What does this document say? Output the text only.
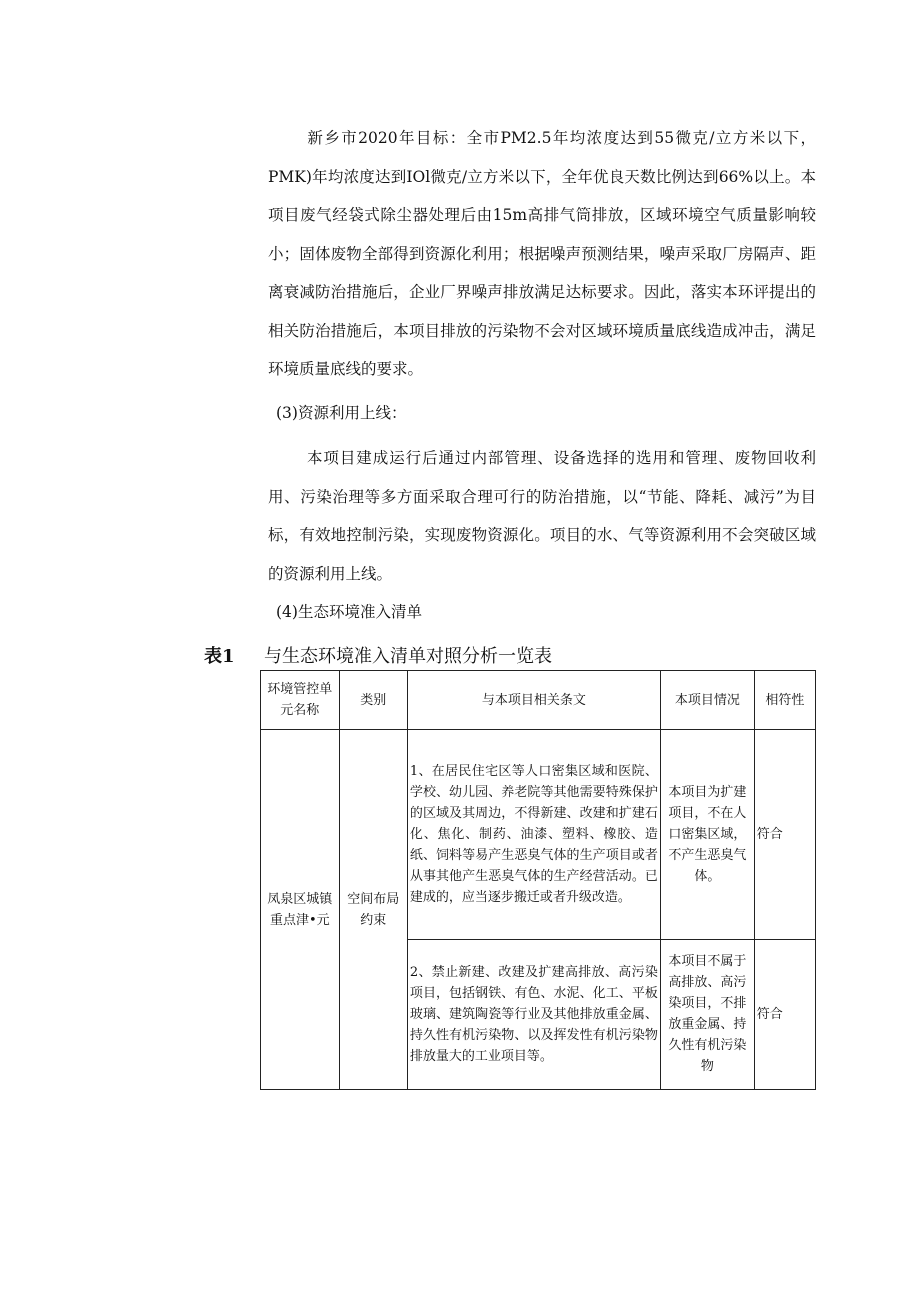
新乡市2020年目标：全市PM2.5年均浓度达到55微克/立方米以下，PMK)年均浓度达到IOl微克/立方米以下，全年优良天数比例达到66%以上。本项目废气经袋式除尘器处理后由15m高排气筒排放，区域环境空气质量影响较小；固体废物全部得到资源化利用；根据噪声预测结果，噪声采取厂房隔声、距离衰减防治措施后，企业厂界噪声排放满足达标要求。因此，落实本环评提出的相关防治措施后，本项目排放的污染物不会对区域环境质量底线造成冲击，满足环境质量底线的要求。
(3)资源利用上线：
本项目建成运行后通过内部管理、设备选择的选用和管理、废物回收利用、污染治理等多方面采取合理可行的防治措施，以“节能、降耗、减污”为目标，有效地控制污染，实现废物资源化。项目的水、气等资源利用不会突破区域的资源利用上线。
(4)生态环境准入清单
表1 与生态环境准入清单对照分析一览表
环境管控单元名称	类别	与本项目相关条文	本项目情况	相符性
凤泉区城镇重点津•元	空间布局约束	1、在居民住宅区等人口密集区域和医院、学校、幼儿园、养老院等其他需要特殊保护的区域及其周边，不得新建、改建和扩建石化、焦化、制药、油漆、塑料、橡胶、造纸、饲料等易产生恶臭气体的生产项目或者从事其他产生恶臭气体的生产经营活动。已建成的，应当逐步搬迁或者升级改造。	本项目为扩建项目，不在人口密集区域，不产生恶臭气体。	符合
		2、禁止新建、改建及扩建高排放、高污染项目，包括钢铁、有色、水泥、化工、平板玻璃、建筑陶瓷等行业及其他排放重金属、持久性有机污染物、以及挥发性有机污染物排放量大的工业项目等。	本项目不属于高排放、高污染项目，不排放重金属、持久性有机污染物	符合
